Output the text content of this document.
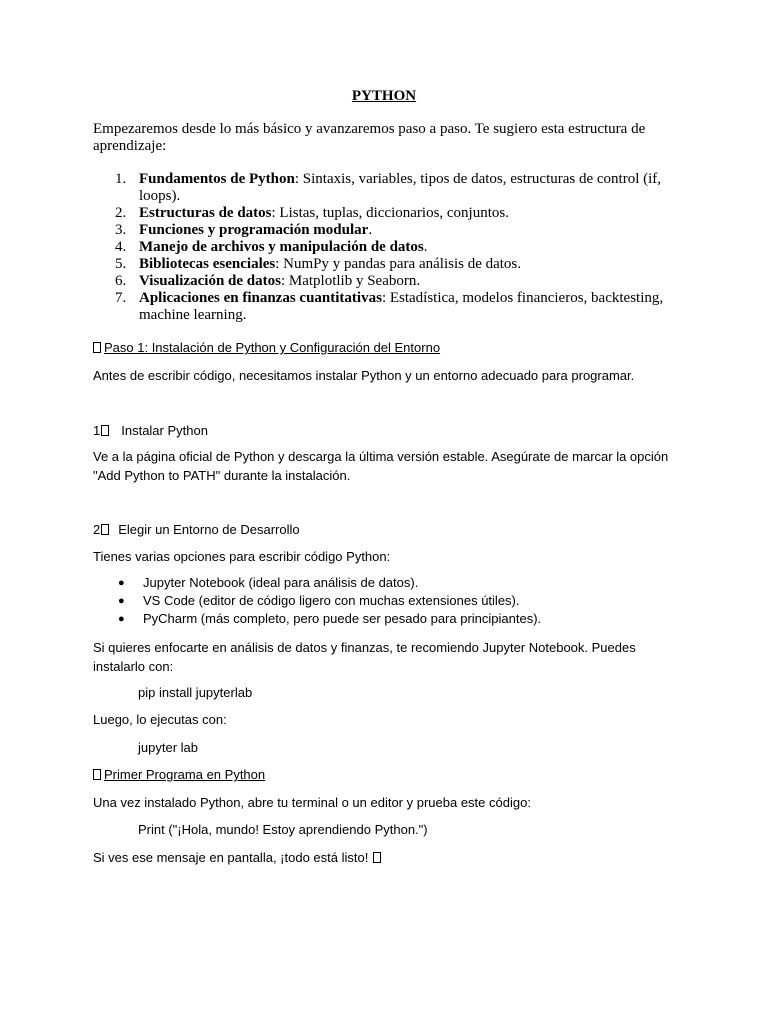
PYTHON
Empezaremos desde lo más básico y avanzaremos paso a paso. Te sugiero esta estructura de aprendizaje:
1. Fundamentos de Python: Sintaxis, variables, tipos de datos, estructuras de control (if, loops).
2. Estructuras de datos: Listas, tuplas, diccionarios, conjuntos.
3. Funciones y programación modular.
4. Manejo de archivos y manipulación de datos.
5. Bibliotecas esenciales: NumPy y pandas para análisis de datos.
6. Visualización de datos: Matplotlib y Seaborn.
7. Aplicaciones en finanzas cuantitativas: Estadística, modelos financieros, backtesting, machine learning.
Paso 1: Instalación de Python y Configuración del Entorno
Antes de escribir código, necesitamos instalar Python y un entorno adecuado para programar.
1 Instalar Python
Ve a la página oficial de Python y descarga la última versión estable. Asegúrate de marcar la opción "Add Python to PATH" durante la instalación.
2 Elegir un Entorno de Desarrollo
Tienes varias opciones para escribir código Python:
● Jupyter Notebook (ideal para análisis de datos).
● VS Code (editor de código ligero con muchas extensiones útiles).
● PyCharm (más completo, pero puede ser pesado para principiantes).
Si quieres enfocarte en análisis de datos y finanzas, te recomiendo Jupyter Notebook. Puedes instalarlo con:
pip install jupyterlab
Luego, lo ejecutas con:
jupyter lab
Primer Programa en Python
Una vez instalado Python, abre tu terminal o un editor y prueba este código:
Print ("¡Hola, mundo! Estoy aprendiendo Python.")
Si ves ese mensaje en pantalla, ¡todo está listo!
